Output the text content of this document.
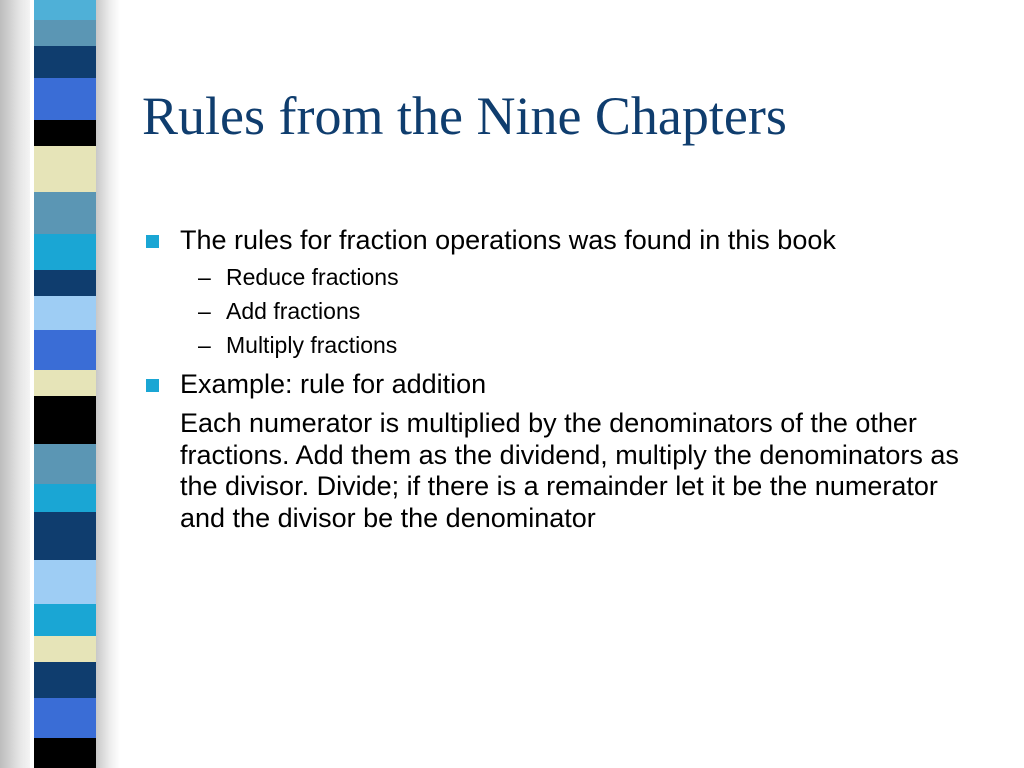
Rules from the Nine Chapters
The rules for fraction operations was found in this book
– Reduce fractions
– Add fractions
– Multiply fractions
Example: rule for addition
Each numerator is multiplied by the denominators of the other fractions. Add them as the dividend, multiply the denominators as the divisor. Divide; if there is a remainder let it be the numerator and the divisor be the denominator
